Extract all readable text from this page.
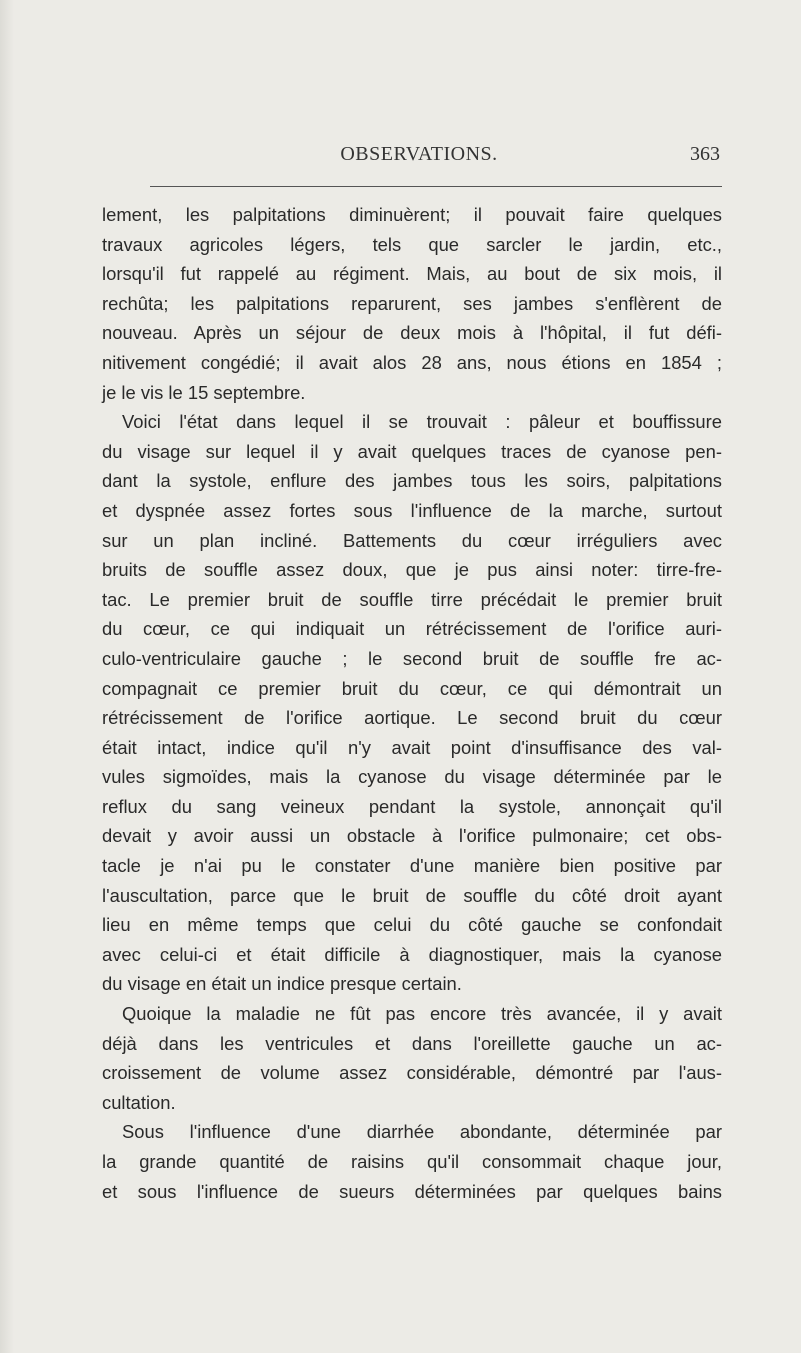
OBSERVATIONS.	363
lement, les palpitations diminuèrent; il pouvait faire quelques
travaux agricoles légers, tels que sarcler le jardin, etc.,
lorsqu'il fut rappelé au régiment. Mais, au bout de six mois, il
rechûta; les palpitations reparurent, ses jambes s'enflèrent de
nouveau. Après un séjour de deux mois à l'hôpital, il fut défi-
nitivement congédié; il avait alos 28 ans, nous étions en 1854 ;
je le vis le 15 septembre.
Voici l'état dans lequel il se trouvait : pâleur et bouffissure
du visage sur lequel il y avait quelques traces de cyanose pen-
dant la systole, enflure des jambes tous les soirs, palpitations
et dyspnée assez fortes sous l'influence de la marche, surtout
sur un plan incliné. Battements du cœur irréguliers avec
bruits de souffle assez doux, que je pus ainsi noter: tirre-fre-
tac. Le premier bruit de souffle tirre précédait le premier bruit
du cœur, ce qui indiquait un rétrécissement de l'orifice auri-
culo-ventriculaire gauche ; le second bruit de souffle fre ac-
compagnait ce premier bruit du cœur, ce qui démontrait un
rétrécissement de l'orifice aortique. Le second bruit du cœur
était intact, indice qu'il n'y avait point d'insuffisance des val-
vules sigmoïdes, mais la cyanose du visage déterminée par le
reflux du sang veineux pendant la systole, annonçait qu'il
devait y avoir aussi un obstacle à l'orifice pulmonaire; cet obs-
tacle je n'ai pu le constater d'une manière bien positive par
l'auscultation, parce que le bruit de souffle du côté droit ayant
lieu en même temps que celui du côté gauche se confondait
avec celui-ci et était difficile à diagnostiquer, mais la cyanose
du visage en était un indice presque certain.
Quoique la maladie ne fût pas encore très avancée, il y avait
déjà dans les ventricules et dans l'oreillette gauche un ac-
croissement de volume assez considérable, démontré par l'aus-
cultation.
Sous l'influence d'une diarrhée abondante, déterminée par
la grande quantité de raisins qu'il consommait chaque jour,
et sous l'influence de sueurs déterminées par quelques bains
